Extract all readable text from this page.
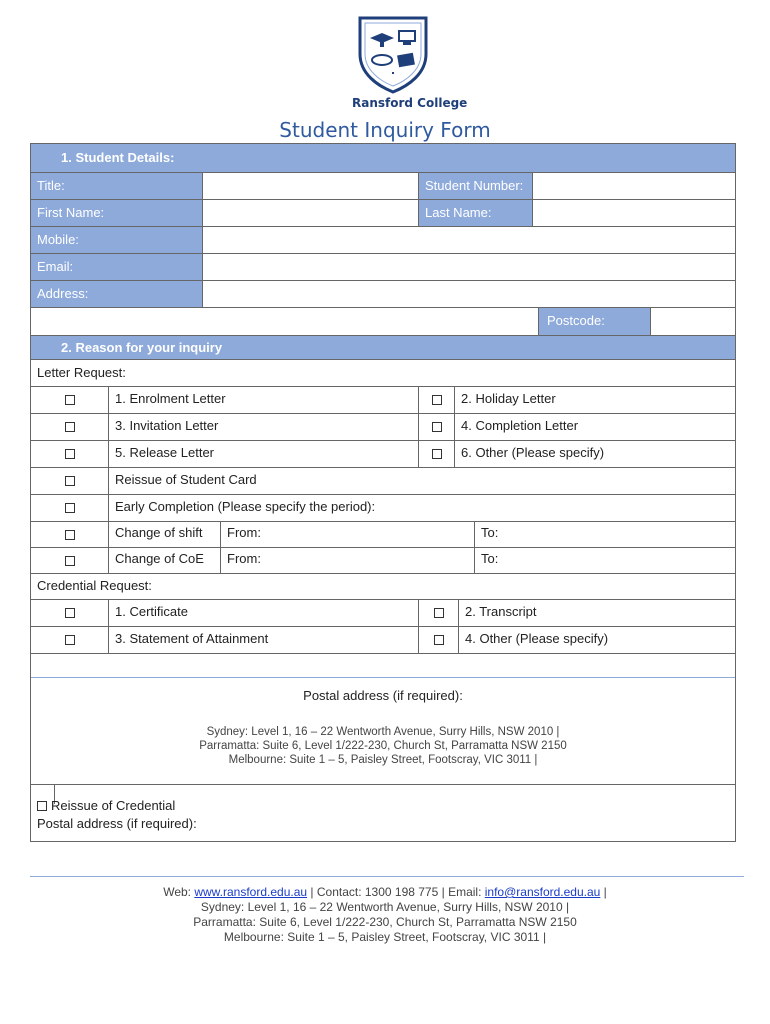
Ransford College
Student Inquiry Form
1. Student Details:
Title:	Student Number:
First Name:	Last Name:
Mobile:
Email:
Address:
Postcode:
2. Reason for your inquiry
Letter Request:
1. Enrolment Letter	2. Holiday Letter
3. Invitation Letter	4. Completion Letter
5. Release Letter	6. Other (Please specify)
Reissue of Student Card
Early Completion (Please specify the period):
Change of shift	From:	To:
Change of CoE	From:	To:
Credential Request:
1. Certificate	2. Transcript
3. Statement of Attainment	4. Other (Please specify)
Postal address (if required):
Sydney: Level 1, 16 – 22 Wentworth Avenue, Surry Hills, NSW 2010 |
Parramatta: Suite 6, Level 1/222-230, Church St, Parramatta NSW 2150
Melbourne: Suite 1 – 5, Paisley Street, Footscray, VIC 3011 |
Reissue of Credential
Postal address (if required):
Web: www.ransford.edu.au | Contact: 1300 198 775 | Email: info@ransford.edu.au |
Sydney: Level 1, 16 – 22 Wentworth Avenue, Surry Hills, NSW 2010 |
Parramatta: Suite 6, Level 1/222-230, Church St, Parramatta NSW 2150
Melbourne: Suite 1 – 5, Paisley Street, Footscray, VIC 3011 |
